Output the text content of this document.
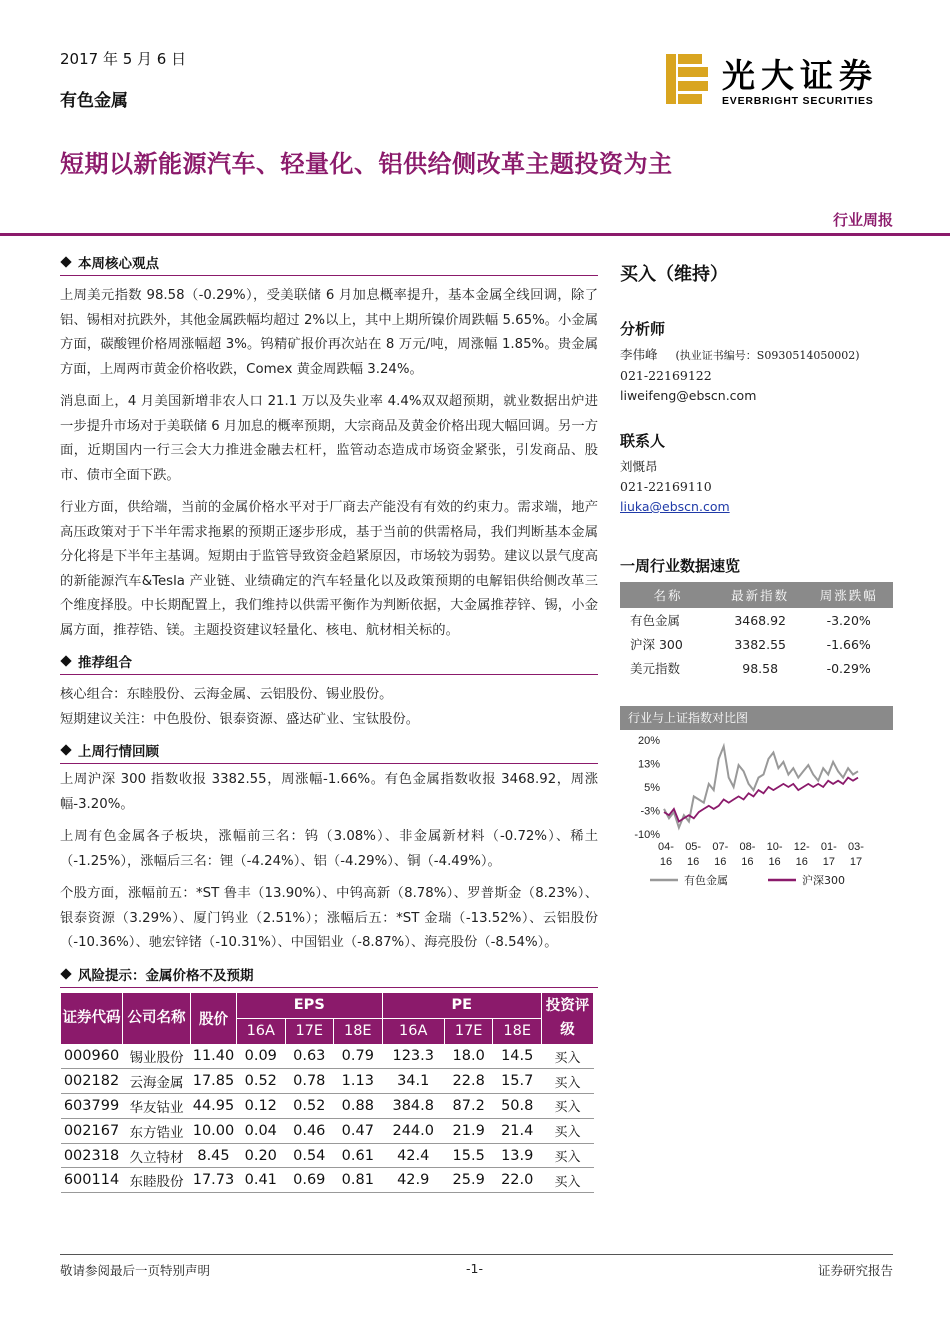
2017 年 5 月 6 日
有色金属
光大证券
EVERBRIGHT SECURITIES
短期以新能源汽车、轻量化、铝供给侧改革主题投资为主
行业周报
本周核心观点

上周美元指数 98.58（-0.29%），受美联储 6 月加息概率提升，基本金属全线回调，除了铝、锡相对抗跌外，其他金属跌幅均超过 2%以上，其中上期所镍价周跌幅 5.65%。小金属方面，碳酸锂价格周涨幅超 3%。钨精矿报价再次站在 8 万元/吨，周涨幅 1.85%。贵金属方面，上周两市黄金价格收跌，Comex 黄金周跌幅 3.24%。

消息面上，4 月美国新增非农人口 21.1 万以及失业率 4.4%双双超预期，就业数据出炉进一步提升市场对于美联储 6 月加息的概率预期，大宗商品及黄金价格出现大幅回调。另一方面，近期国内一行三会大力推进金融去杠杆，监管动态造成市场资金紧张，引发商品、股市、债市全面下跌。

行业方面，供给端，当前的金属价格水平对于厂商去产能没有有效的约束力。需求端，地产高压政策对于下半年需求拖累的预期正逐步形成，基于当前的供需格局，我们判断基本金属分化将是下半年主基调。短期由于监管导致资金趋紧原因，市场较为弱势。建议以景气度高的新能源汽车&Tesla 产业链、业绩确定的汽车轻量化以及政策预期的电解铝供给侧改革三个维度择股。中长期配置上，我们维持以供需平衡作为判断依据，大金属推荐锌、锡，小金属方面，推荐锆、镁。主题投资建议轻量化、核电、航材相关标的。

推荐组合

核心组合：东睦股份、云海金属、云铝股份、锡业股份。

短期建议关注：中色股份、银泰资源、盛达矿业、宝钛股份。

上周行情回顾

上周沪深 300 指数收报 3382.55，周涨幅-1.66%。有色金属指数收报 3468.92，周涨幅-3.20%。

上周有色金属各子板块，涨幅前三名：钨（3.08%）、非金属新材料（-0.72%）、稀土（-1.25%），涨幅后三名：锂（-4.24%）、铝（-4.29%）、铜（-4.49%）。

个股方面，涨幅前五：*ST 鲁丰（13.90%）、中钨高新（8.78%）、罗普斯金（8.23%）、银泰资源（3.29%）、厦门钨业（2.51%）；涨幅后五：*ST 金瑞（-13.52%）、云铝股份（-10.36%）、驰宏锌锗（-10.31%）、中国铝业（-8.87%）、海亮股份（-8.54%）。

风险提示：金属价格不及预期
证券代码	公司名称	股价	EPS			PE			投资评级
			16A	17E	18E	16A	17E	18E	
000960	锡业股份	11.40	0.09	0.63	0.79	123.3	18.0	14.5	买入
002182	云海金属	17.85	0.52	0.78	1.13	34.1	22.8	15.7	买入
603799	华友钴业	44.95	0.12	0.52	0.88	384.8	87.2	50.8	买入
002167	东方锆业	10.00	0.04	0.46	0.47	244.0	21.9	21.4	买入
002318	久立特材	8.45	0.20	0.54	0.61	42.4	15.5	13.9	买入
600114	东睦股份	17.73	0.41	0.69	0.81	42.9	25.9	22.0	买入
买入（维持）
分析师
李伟峰 (执业证书编号：S0930514050002)
021-22169122
liweifeng@ebscn.com
联系人
刘慨昂
021-22169110
liuka@ebscn.com
一周行业数据速览
名称	最新指数	周涨跌幅
有色金属	3468.92	-3.20%
沪深 300	3382.55	-1.66%
美元指数	98.58	-0.29%
行业与上证指数对比图
20%
13%
5%
-3%
-10%
04-
16
05-
16
07-
16
08-
16
10-
16
12-
16
01-
17
03-
17
有色金属	沪深300
敬请参阅最后一页特别声明	-1-	证券研究报告
